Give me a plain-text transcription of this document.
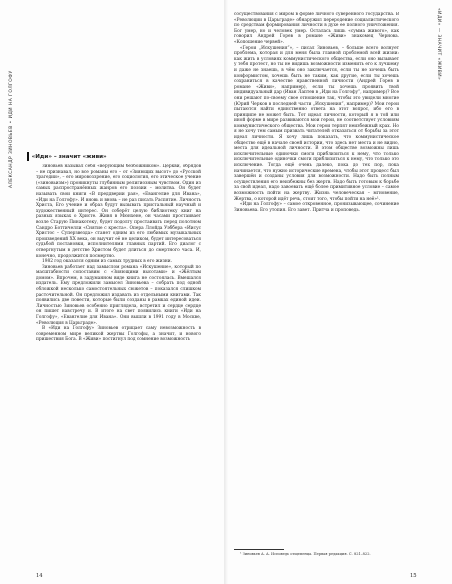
АЛЕКСАНДР ЗИНОВЬЕВ • ИДИ НА ГОЛГОФУ
«ИДИ» — ЗНАЧИТ «ЖИВИ»
«Иди» – значит «живи»

Зиновьев называл себя «верующим безбожником». Церкви, обрядов – не признавал, но все романы его – от «Зияющих высот» до «Русской трагедии», – его мировоззрение, его социология, его этическое учение («зиновьизм») проникнуты глубинным религиозным чувством. Один из самых распространённых жанров его поэзии – молитва. Он будет называть свои книги «В преддверии рая», «Евангелие для Ивана», «Иди на Голгофу». И вновь и вновь – не раз писать Распятие. Личность Христа, Его учение и образ будут вызывать пристальный научный и художественный интерес. Он соберёт целую библиотеку книг на разных языках о Христе. Живя в Мюнхене, он часами простаивает возле Старую Пинакотеку, будет подолгу простаивать перед полотном Сандро Боттичелли «Снятие с креста». Опера Ллойда Уэббера «Иисус Христос – Суперзвезда» станет одним из его любимых музыкальных произведений XX века, он выучит её не целиком, будет интересоваться судьбой постановки, исполнителями главных партий. Его диалог с отвергнутым в детстве Христом будет длиться до смертного часа. И, конечно, продолжится посмертно.

1982 год оказался одним из самых трудных в его жизни.

Зиновьев работает над замыслом романа «Искушение», который по масштабности сопоставим с «Зияющими высотами» и «Жёлтым домом». Впрочем, в задуманном виде книга не состоялась. Вмешался издатель. Ему предложили замысел Зиновьева – собрать под одной обложкой несколько самостоятельных сюжетов – показался слишком расточительной. Он предложил издавать из отдельными книгами. Так появились две повести, которые были созданы в рамках единой идеи. Личностью Зиновьев особенно приглядела, встретил и сердце сердце он пишет навстречу и. В итоге на свет появились книги «Иди на Голгофу», «Евангелие для Ивана». Они вышли в 1991 году в Москве, «Революция в Царьграде».

В «Иди на Голгофу» Зиновьев отрицает саму невозможность в современном мире великой жертвы Голгофы, а значит, и нового пришествия Бога. В «Живи» постигнул под сомнение возможность

сосуществования с миром в форме личного суверенного государства. В «Революции в Царьграде» обнаружил переродение социалистического по средствам формирования личности в духе ее полного уничтожения. Бог умер, но и человек умер. Осталась лишь «сумма живого», как говорил Андрей Горев в романе «Живи» знакомец Чернова. «Копошение червей».

«Герои „Искушения“», – писал Зиновьев, – больше всего волнует проблема, которая и для меня была главной проблемой всей жизни: как жить в условиях коммунистического общества, если оно вызывает у тебя протест, но ты не видишь возможности изменить его к лучшему и даже не знаешь, в чём оно заключается, если ты не хочешь быть конформистом, хочешь быть не таким, как другие, если ты хочешь сохраниться в качестве нравственной личности (Андрей Горев в романе «Живи», например), если ты хочешь проявить твой индивидуальный дар (Иван Лаптев в „Иди на Голгофу“, например)? Все они решают по-своему свое отношение так, чтобы это увидели многие (Юрий Черков в последней части „Искушения“, например)? Мои герои пытаются найти единственно ответа на этот вопрос, ибо его в принципе не может быть. Тот идеал личности, который я в той или иной форме в мире развиваются мои герои, не соответствует условиям коммунистического общества. Мои герои терпят неизбежный крах. Но я не хочу тем самым призвать читателей отказаться от борьбы за этот идеал личности. Я хочу лишь показать, что коммунистическое общество ещё в начале своей истории, что здесь нет места и не видно, места для идеальной личности. В этом обществе возможны лишь исключительные одиночки смоги приблизиться к нему, что только исключительные одиночки смоги приблизиться к нему, что только это исключение. Тогда ещё очень далеко, пока до тех пор, пока начинается, что нужно исторические времена, чтобы этот процесс был завершён и созданы условия для возможности. Надо быть полным осуществления его неизбежны без жертв. Надо быть готовым к борьбе за свой идеал, надо завоевать ещё более примитивное условие – самое возможность пойти на жертву. Жизнь человеческая – мгновение, Жертва, о которой идёт речь, стоит того, чтобы пойти на неё»¹.

«Иди на Голгофу» – самое откровенное, пронизывающее, сочинение Зиновьева. Его утопия. Его завет. Притча и проповедь.

¹ Зиновьев А. А. Исповедь отщепенца. Первая редакция. С. 821–822.
14	15
